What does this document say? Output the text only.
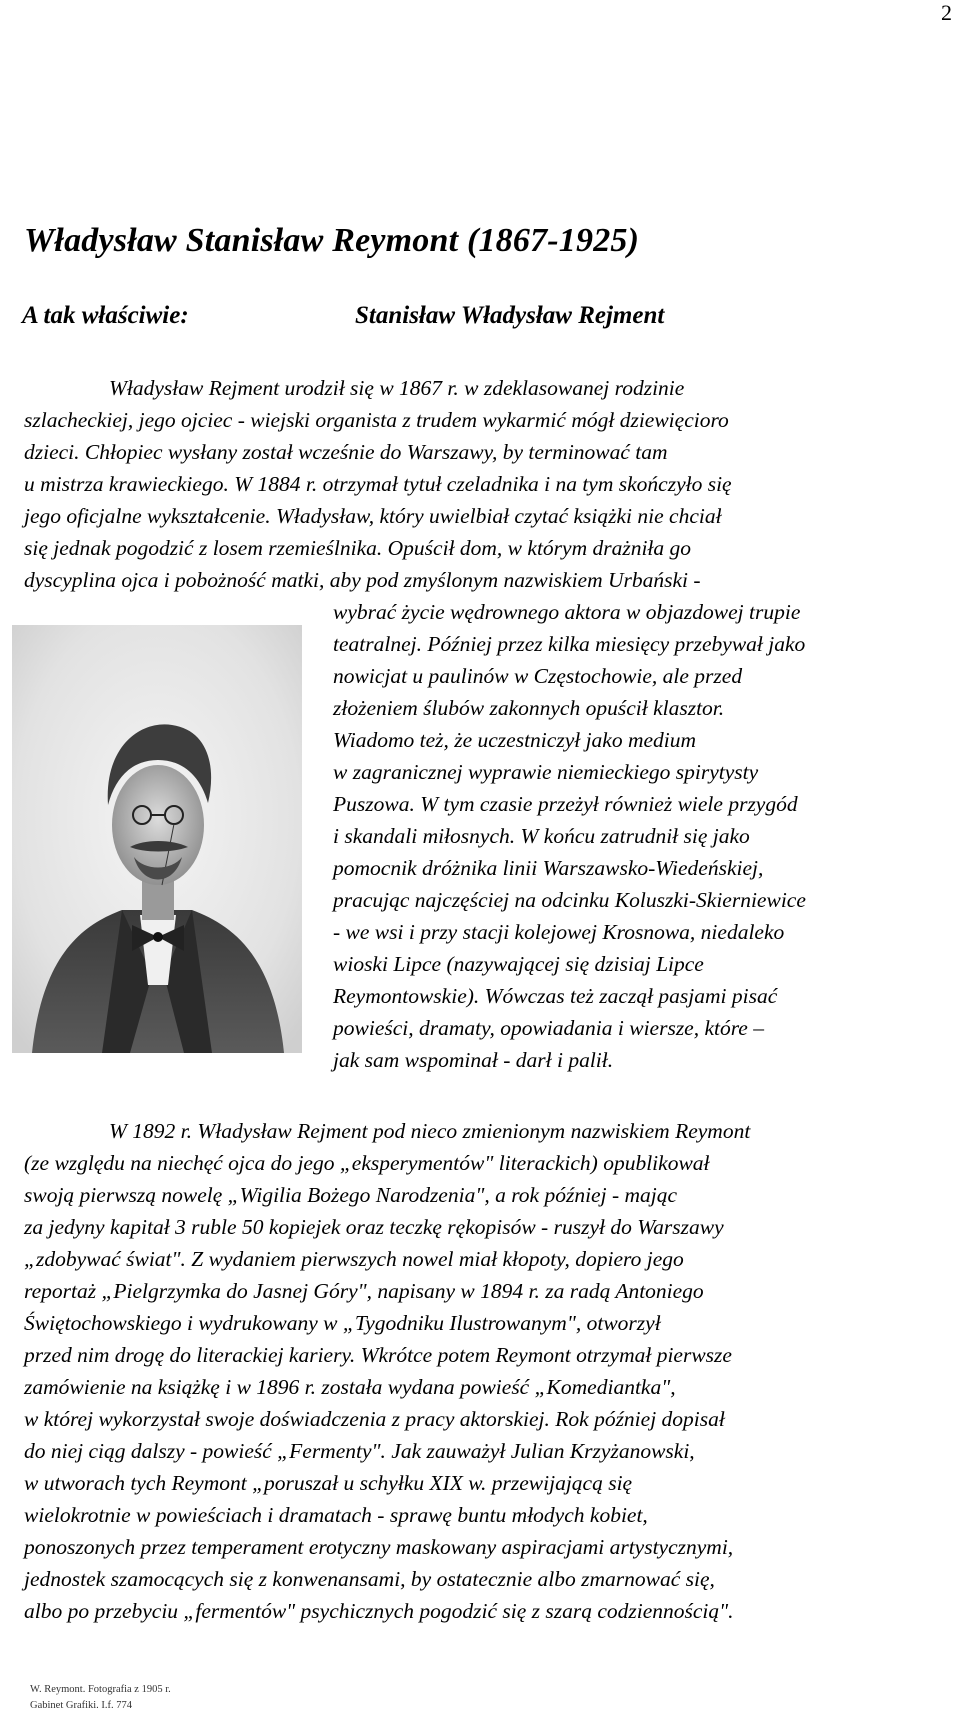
2
Władysław Stanisław Reymont (1867-1925)
A tak właściwie:	Stanisław Władysław Rejment
Władysław Rejment urodził się w 1867 r. w zdeklasowanej rodzinie
szlacheckiej, jego ojciec - wiejski organista z trudem wykarmić mógł dziewięcioro
dzieci. Chłopiec wysłany został wcześnie do Warszawy, by terminować tam
u mistrza krawieckiego. W 1884 r. otrzymał tytuł czeladnika i na tym skończyło się
jego oficjalne wykształcenie. Władysław, który uwielbiał czytać książki nie chciał
się jednak pogodzić z losem rzemieślnika. Opuścił dom, w którym drażniła go
dyscyplina ojca i pobożność matki, aby pod zmyślonym nazwiskiem Urbański -
wybrać życie wędrownego aktora w objazdowej trupie
teatralnej. Później przez kilka miesięcy przebywał jako
nowicjat u paulinów w Częstochowie, ale przed
złożeniem ślubów zakonnych opuścił klasztor.
Wiadomo też, że uczestniczył jako medium
w zagranicznej wyprawie niemieckiego spirytysty
Puszowa. W tym czasie przeżył również wiele przygód
i skandali miłosnych. W końcu zatrudnił się jako
pomocnik dróżnika linii Warszawsko-Wiedeńskiej,
pracując najczęściej na odcinku Koluszki-Skierniewice
- we wsi i przy stacji kolejowej Krosnowa, niedaleko
wioski Lipce (nazywającej się dzisiaj Lipce
Reymontowskie). Wówczas też zaczął pasjami pisać
powieści, dramaty, opowiadania i wiersze, które –
jak sam wspominał - darł i palił.
W. Reymont. Fotografia z 1905 r.
Gabinet Grafiki. I.f. 774
W 1892 r. Władysław Rejment pod nieco zmienionym nazwiskiem Reymont
(ze względu na niechęć ojca do jego „eksperymentów" literackich) opublikował
swoją pierwszą nowelę „Wigilia Bożego Narodzenia", a rok później - mając
za jedyny kapitał 3 ruble 50 kopiejek oraz teczkę rękopisów - ruszył do Warszawy
„zdobywać świat". Z wydaniem pierwszych nowel miał kłopoty, dopiero jego
reportaż „Pielgrzymka do Jasnej Góry", napisany w 1894 r. za radą Antoniego
Świętochowskiego i wydrukowany w „Tygodniku Ilustrowanym", otworzył
przed nim drogę do literackiej kariery. Wkrótce potem Reymont otrzymał pierwsze
zamówienie na książkę i w 1896 r. została wydana powieść „Komediantka",
w której wykorzystał swoje doświadczenia z pracy aktorskiej. Rok później dopisał
do niej ciąg dalszy - powieść „Fermenty". Jak zauważył Julian Krzyżanowski,
w utworach tych Reymont „poruszał u schyłku XIX w. przewijającą się
wielokrotnie w powieściach i dramatach - sprawę buntu młodych kobiet,
ponoszonych przez temperament erotyczny maskowany aspiracjami artystycznymi,
jednostek szamocących się z konwenansami, by ostatecznie albo zmarnować się,
albo po przebyciu „fermentów" psychicznych pogodzić się z szarą codziennością".
